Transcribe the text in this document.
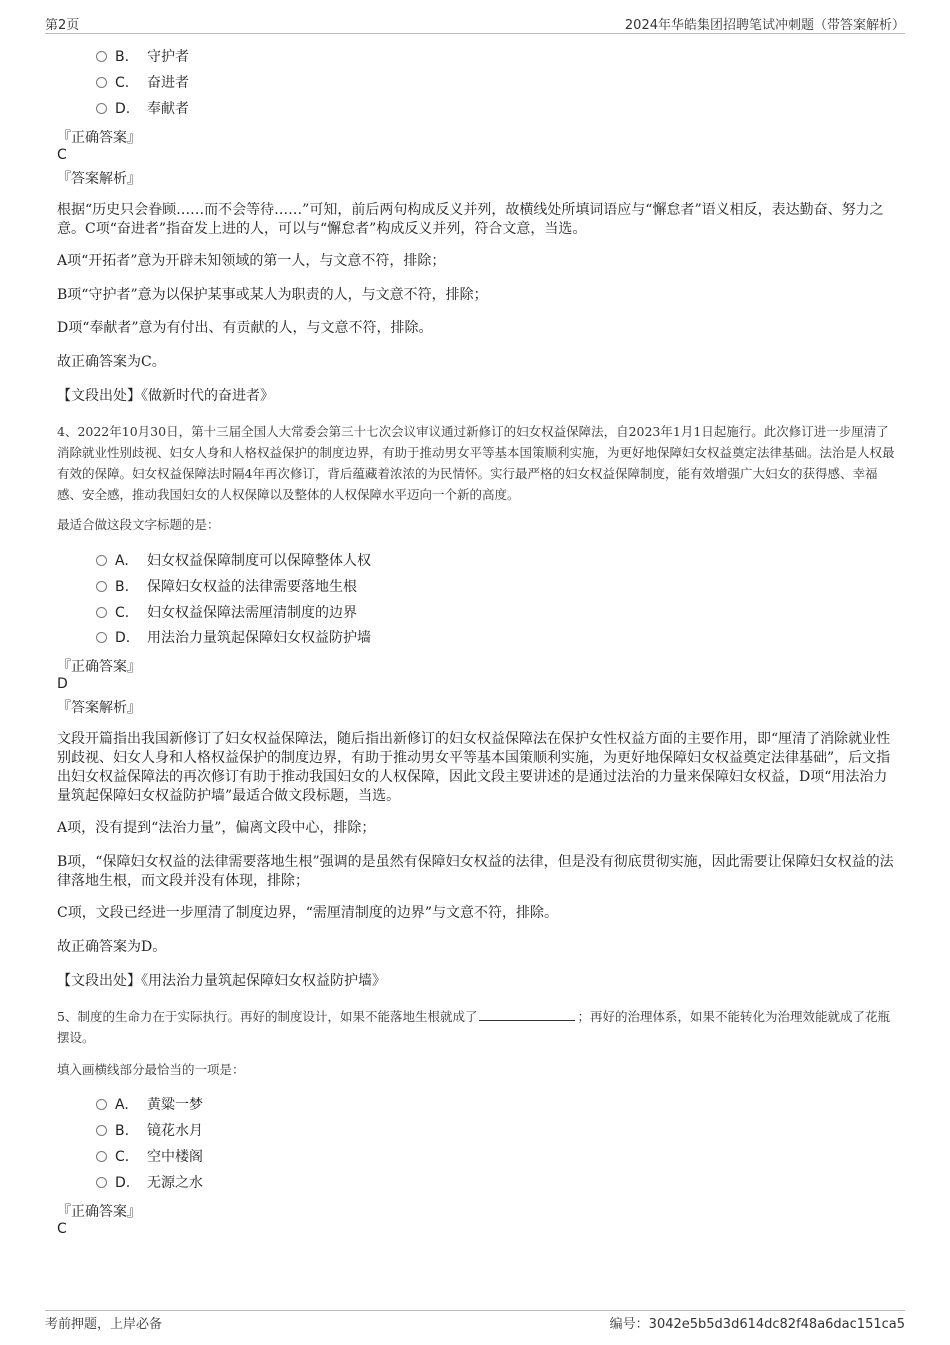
第2页	2024年华皓集团招聘笔试冲刺题（带答案解析）
B. 守护者
C. 奋进者
D. 奉献者
『正确答案』
C
『答案解析』
根据“历史只会眷顾……而不会等待……”可知，前后两句构成反义并列，故横线处所填词语应与“懈怠者”语义相反，表达勤奋、努力之意。C项“奋进者”指奋发上进的人，可以与“懈怠者”构成反义并列，符合文意，当选。
A项“开拓者”意为开辟未知领域的第一人，与文意不符，排除；
B项“守护者”意为以保护某事或某人为职责的人，与文意不符，排除；
D项“奉献者”意为有付出、有贡献的人，与文意不符，排除。
故正确答案为C。
【文段出处】《做新时代的奋进者》
4、2022年10月30日，第十三届全国人大常委会第三十七次会议审议通过新修订的妇女权益保障法，自2023年1月1日起施行。此次修订进一步厘清了消除就业性别歧视、妇女人身和人格权益保护的制度边界，有助于推动男女平等基本国策顺利实施，为更好地保障妇女权益奠定法律基础。法治是人权最有效的保障。妇女权益保障法时隔4年再次修订，背后蕴藏着浓浓的为民情怀。实行最严格的妇女权益保障制度，能有效增强广大妇女的获得感、幸福感、安全感，推动我国妇女的人权保障以及整体的人权保障水平迈向一个新的高度。
最适合做这段文字标题的是：
A. 妇女权益保障制度可以保障整体人权
B. 保障妇女权益的法律需要落地生根
C. 妇女权益保障法需厘清制度的边界
D. 用法治力量筑起保障妇女权益防护墙
『正确答案』
D
『答案解析』
文段开篇指出我国新修订了妇女权益保障法，随后指出新修订的妇女权益保障法在保护女性权益方面的主要作用，即“厘清了消除就业性别歧视、妇女人身和人格权益保护的制度边界，有助于推动男女平等基本国策顺利实施，为更好地保障妇女权益奠定法律基础”，后文指出妇女权益保障法的再次修订有助于推动我国妇女的人权保障，因此文段主要讲述的是通过法治的力量来保障妇女权益，D项“用法治力量筑起保障妇女权益防护墙”最适合做文段标题，当选。
A项，没有提到“法治力量”，偏离文段中心，排除；
B项，“保障妇女权益的法律需要落地生根”强调的是虽然有保障妇女权益的法律，但是没有彻底贯彻实施，因此需要让保障妇女权益的法律落地生根，而文段并没有体现，排除；
C项，文段已经进一步厘清了制度边界，“需厘清制度的边界”与文意不符，排除。
故正确答案为D。
【文段出处】《用法治力量筑起保障妇女权益防护墙》
5、制度的生命力在于实际执行。再好的制度设计，如果不能落地生根就成了	；再好的治理体系，如果不能转化为治理效能就成了花瓶摆设。
填入画横线部分最恰当的一项是：
A. 黄粱一梦
B. 镜花水月
C. 空中楼阁
D. 无源之水
『正确答案』
C
考前押题，上岸必备	编号：3042e5b5d3d614dc82f48a6dac151ca5
